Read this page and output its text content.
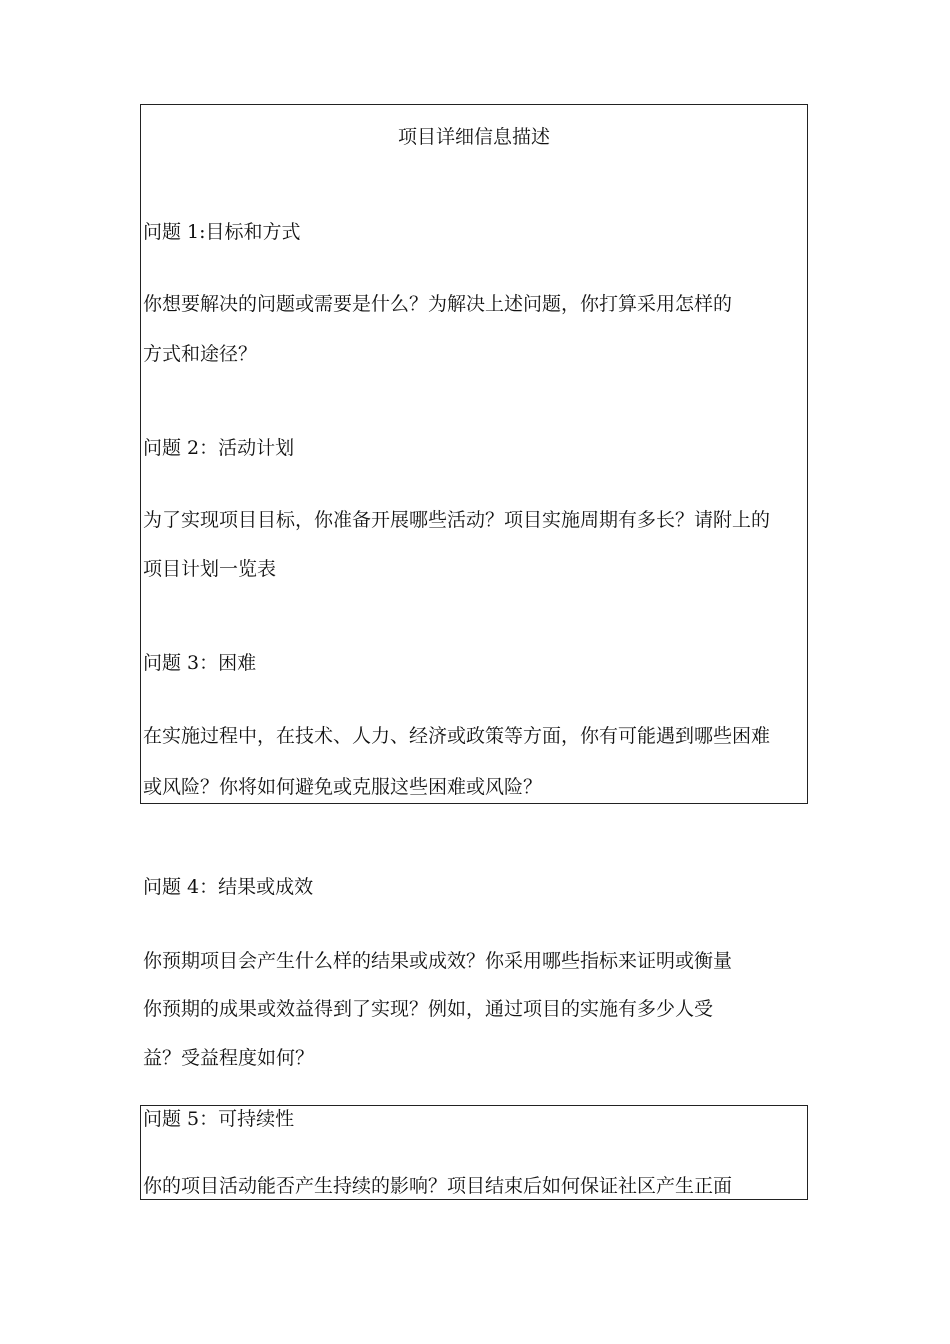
项目详细信息描述
问题 1:目标和方式
你想要解决的问题或需要是什么？为解决上述问题，你打算采用怎样的
方式和途径？
问题 2：活动计划
为了实现项目目标，你准备开展哪些活动？项目实施周期有多长？请附上的
项目计划一览表
问题 3：困难
在实施过程中，在技术、人力、经济或政策等方面，你有可能遇到哪些困难
或风险？你将如何避免或克服这些困难或风险？
问题 4：结果或成效
你预期项目会产生什么样的结果或成效？你采用哪些指标来证明或衡量
你预期的成果或效益得到了实现？例如，通过项目的实施有多少人受
益？受益程度如何？
问题 5：可持续性
你的项目活动能否产生持续的影响？项目结束后如何保证社区产生正面
